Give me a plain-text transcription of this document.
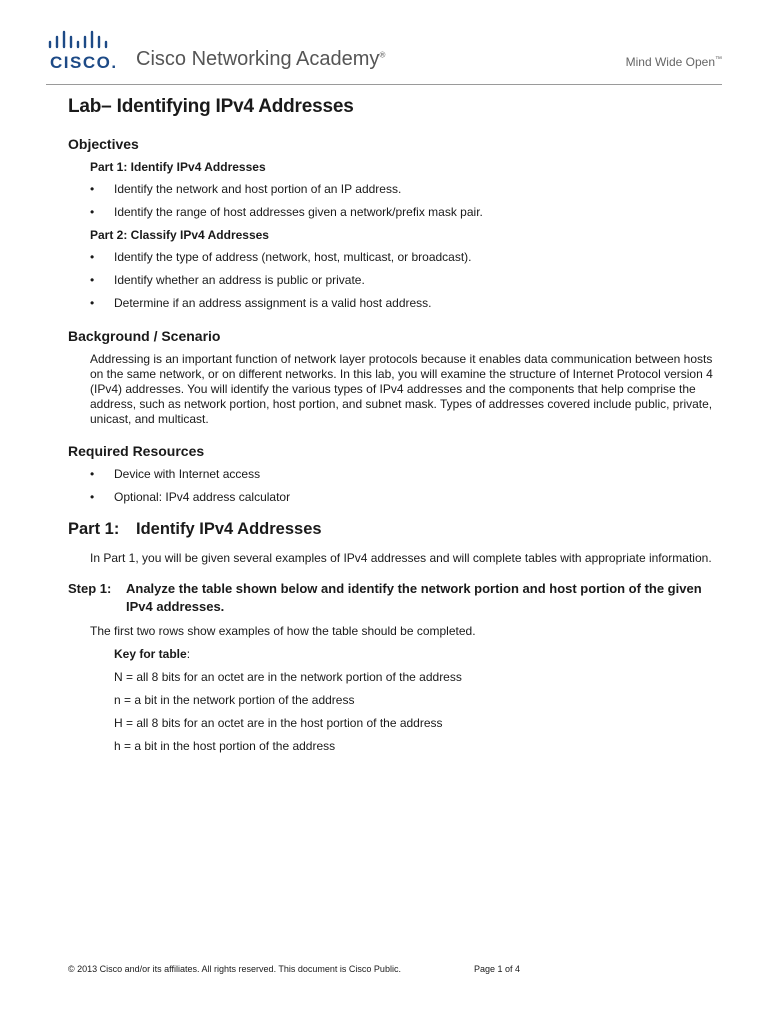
CISCO. Cisco Networking Academy®
Mind Wide Open™
Lab– Identifying IPv4 Addresses
Objectives
Part 1: Identify IPv4 Addresses
•	Identify the network and host portion of an IP address.
•	Identify the range of host addresses given a network/prefix mask pair.
Part 2: Classify IPv4 Addresses
•	Identify the type of address (network, host, multicast, or broadcast).
•	Identify whether an address is public or private.
•	Determine if an address assignment is a valid host address.
Background / Scenario
Addressing is an important function of network layer protocols because it enables data communication between hosts on the same network, or on different networks. In this lab, you will examine the structure of Internet Protocol version 4 (IPv4) addresses. You will identify the various types of IPv4 addresses and the components that help comprise the address, such as network portion, host portion, and subnet mask. Types of addresses covered include public, private, unicast, and multicast.
Required Resources
•	Device with Internet access
•	Optional: IPv4 address calculator
Part 1: Identify IPv4 Addresses
In Part 1, you will be given several examples of IPv4 addresses and will complete tables with appropriate information.
Step 1:	Analyze the table shown below and identify the network portion and host portion of the given IPv4 addresses.
The first two rows show examples of how the table should be completed.
Key for table:
N = all 8 bits for an octet are in the network portion of the address
n = a bit in the network portion of the address
H = all 8 bits for an octet are in the host portion of the address
h = a bit in the host portion of the address
© 2013 Cisco and/or its affiliates. All rights reserved. This document is Cisco Public.	Page 1 of 4
